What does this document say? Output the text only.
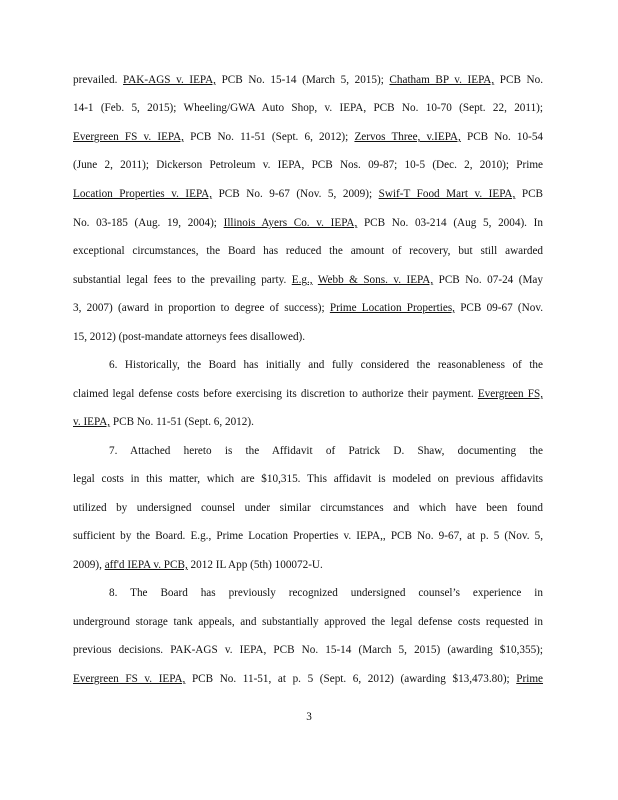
prevailed. PAK-AGS v. IEPA, PCB No. 15-14 (March 5, 2015); Chatham BP v. IEPA, PCB No.
14-1 (Feb. 5, 2015); Wheeling/GWA Auto Shop, v. IEPA, PCB No. 10-70 (Sept. 22, 2011);
Evergreen FS v. IEPA, PCB No. 11-51 (Sept. 6, 2012); Zervos Three, v.IEPA, PCB No. 10-54
(June 2, 2011); Dickerson Petroleum v. IEPA, PCB Nos. 09-87; 10-5 (Dec. 2, 2010); Prime
Location Properties v. IEPA, PCB No. 9-67 (Nov. 5, 2009); Swif-T Food Mart v. IEPA, PCB
No. 03-185 (Aug. 19, 2004); Illinois Ayers Co. v. IEPA, PCB No. 03-214 (Aug 5, 2004). In
exceptional circumstances, the Board has reduced the amount of recovery, but still awarded
substantial legal fees to the prevailing party. E.g., Webb & Sons. v. IEPA, PCB No. 07-24 (May
3, 2007) (award in proportion to degree of success); Prime Location Properties, PCB 09-67 (Nov.
15, 2012) (post-mandate attorneys fees disallowed).
6. Historically, the Board has initially and fully considered the reasonableness of the
claimed legal defense costs before exercising its discretion to authorize their payment. Evergreen FS,
v. IEPA, PCB No. 11-51 (Sept. 6, 2012).
7. Attached hereto is the Affidavit of Patrick D. Shaw, documenting the
legal costs in this matter, which are $10,315. This affidavit is modeled on previous affidavits
utilized by undersigned counsel under similar circumstances and which have been found
sufficient by the Board. E.g., Prime Location Properties v. IEPA,, PCB No. 9-67, at p. 5 (Nov. 5,
2009), aff'd IEPA v. PCB, 2012 IL App (5th) 100072-U.
8. The Board has previously recognized undersigned counsel’s experience in
underground storage tank appeals, and substantially approved the legal defense costs requested in
previous decisions. PAK-AGS v. IEPA, PCB No. 15-14 (March 5, 2015) (awarding $10,355);
Evergreen FS v. IEPA, PCB No. 11-51, at p. 5 (Sept. 6, 2012) (awarding $13,473.80); Prime
3
